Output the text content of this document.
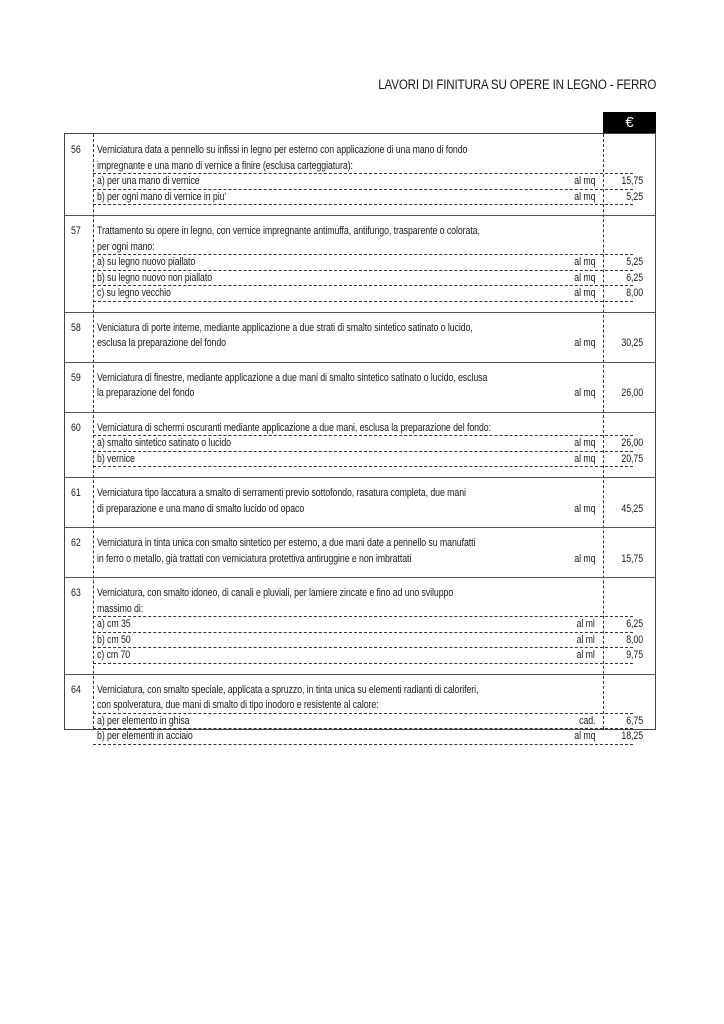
LAVORI DI FINITURA SU OPERE IN LEGNO - FERRO
€
56	Verniciatura data a pennello su infissi in legno per esterno con applicazione di una mano di fondo
impregnante e una mano di vernice a finire (esclusa carteggiatura):
a) per una mano di vernice	al mq 15,75
b) per ogni mano di vernice in piu'	al mq	5,25
57	Trattamento su opere in legno, con vernice impregnante antimuffa, antifungo, trasparente o colorata,
per ogni mano:
a) su legno nuovo piallato	al mq	5,25
b) su legno nuovo non piallato	al mq	6,25
c) su legno vecchio	al mq	8,00
58	Veniciatura di porte interne, mediante applicazione a due strati di smalto sintetico satinato o lucido,
esclusa la preparazione del fondo	al mq 30,25
59	Verniciatura di finestre, mediante applicazione a due mani di smalto sintetico satinato o lucido, esclusa
la preparazione del fondo	al mq 26,00
60	Verniciatura di schermi oscuranti mediante applicazione a due mani, esclusa la preparazione del fondo:
a) smalto sintetico satinato o lucido	al mq 26,00
b) vernice	al mq 20,75
61	Verniciatura tipo laccatura a smalto di serramenti previo sottofondo, rasatura completa, due mani
di preparazione e una mano di smalto lucido od opaco	al mq 45,25
62	Verniciatura in tinta unica con smalto sintetico per esterno, a due mani date a pennello su manufatti
in ferro o metallo, già trattati con verniciatura protettiva antiruggine e non imbrattati	al mq 15,75
63	Verniciatura, con smalto idoneo, di canali e pluviali, per lamiere zincate e fino ad uno sviluppo
massimo di:
a) cm 35	al ml	6,25
b) cm 50	al ml	8,00
c) cm 70	al ml	9,75
64	Verniciatura, con smalto speciale, applicata a spruzzo, in tinta unica su elementi radianti di caloriferi,
con spolveratura, due mani di smalto di tipo inodoro e resistente al calore:
a) per elemento in ghisa	cad.	6,75
b) per elementi in acciaio	al mq 18,25
